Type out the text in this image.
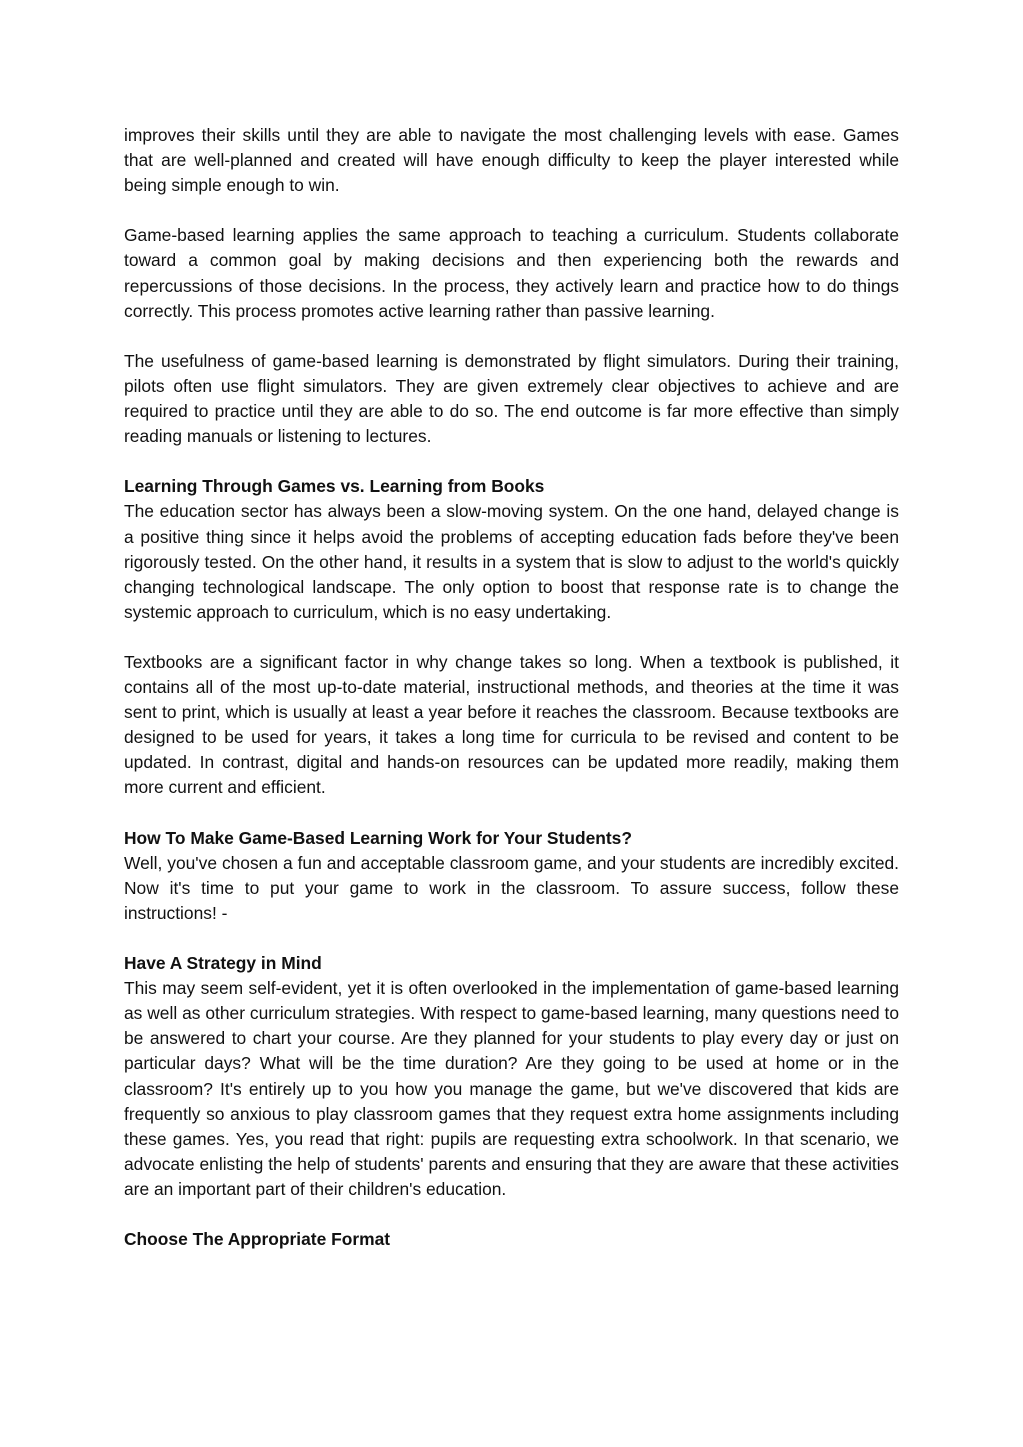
improves their skills until they are able to navigate the most challenging levels with ease. Games that are well-planned and created will have enough difficulty to keep the player interested while being simple enough to win.

Game-based learning applies the same approach to teaching a curriculum. Students collaborate toward a common goal by making decisions and then experiencing both the rewards and repercussions of those decisions. In the process, they actively learn and practice how to do things correctly. This process promotes active learning rather than passive learning.

The usefulness of game-based learning is demonstrated by flight simulators. During their training, pilots often use flight simulators. They are given extremely clear objectives to achieve and are required to practice until they are able to do so. The end outcome is far more effective than simply reading manuals or listening to lectures.

Learning Through Games vs. Learning from Books

The education sector has always been a slow-moving system. On the one hand, delayed change is a positive thing since it helps avoid the problems of accepting education fads before they've been rigorously tested. On the other hand, it results in a system that is slow to adjust to the world's quickly changing technological landscape. The only option to boost that response rate is to change the systemic approach to curriculum, which is no easy undertaking.

Textbooks are a significant factor in why change takes so long. When a textbook is published, it contains all of the most up-to-date material, instructional methods, and theories at the time it was sent to print, which is usually at least a year before it reaches the classroom. Because textbooks are designed to be used for years, it takes a long time for curricula to be revised and content to be updated. In contrast, digital and hands-on resources can be updated more readily, making them more current and efficient.

How To Make Game-Based Learning Work for Your Students?

Well, you've chosen a fun and acceptable classroom game, and your students are incredibly excited. Now it's time to put your game to work in the classroom. To assure success, follow these instructions! -

Have A Strategy in Mind

This may seem self-evident, yet it is often overlooked in the implementation of game-based learning as well as other curriculum strategies. With respect to game-based learning, many questions need to be answered to chart your course. Are they planned for your students to play every day or just on particular days? What will be the time duration? Are they going to be used at home or in the classroom? It's entirely up to you how you manage the game, but we've discovered that kids are frequently so anxious to play classroom games that they request extra home assignments including these games. Yes, you read that right: pupils are requesting extra schoolwork. In that scenario, we advocate enlisting the help of students' parents and ensuring that they are aware that these activities are an important part of their children's education.

Choose The Appropriate Format
